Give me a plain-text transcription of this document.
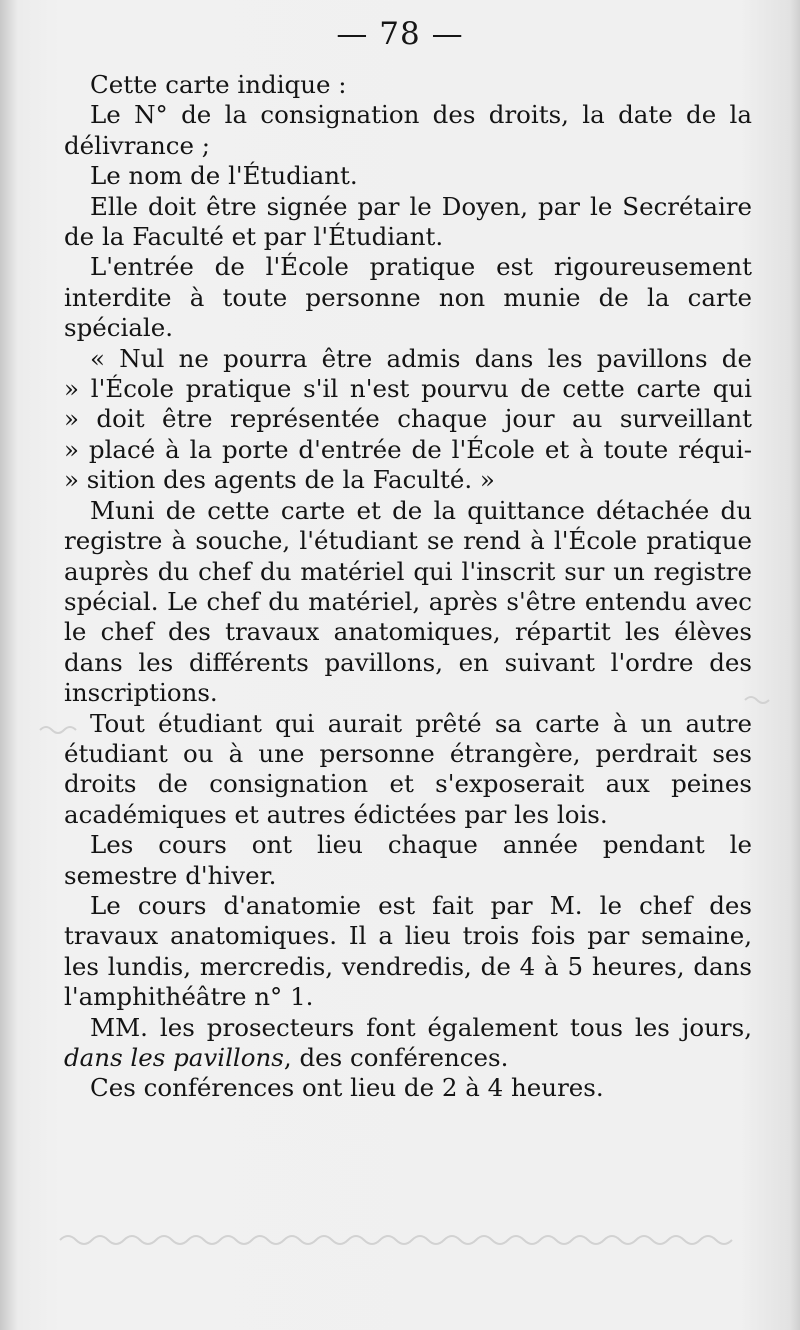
— 78 —

Cette carte indique :

Le N° de la consignation des droits, la date de la délivrance ;

Le nom de l'Étudiant.

Elle doit être signée par le Doyen, par le Secrétaire de la Faculté et par l'Étudiant.

L'entrée de l'École pratique est rigoureusement interdite à toute personne non munie de la carte spéciale.

« Nul ne pourra être admis dans les pavillons de
» l'École pratique s'il n'est pourvu de cette carte qui
» doit être représentée chaque jour au surveillant
» placé à la porte d'entrée de l'École et à toute réqui-
» sition des agents de la Faculté. »

Muni de cette carte et de la quittance détachée du registre à souche, l'étudiant se rend à l'École pratique auprès du chef du matériel qui l'inscrit sur un registre spécial. Le chef du matériel, après s'être entendu avec le chef des travaux anatomiques, répartit les élèves dans les différents pavillons, en suivant l'ordre des inscriptions.

Tout étudiant qui aurait prêté sa carte à un autre étudiant ou à une personne étrangère, perdrait ses droits de consignation et s'exposerait aux peines académiques et autres édictées par les lois.

Les cours ont lieu chaque année pendant le semestre d'hiver.

Le cours d'anatomie est fait par M. le chef des travaux anatomiques. Il a lieu trois fois par semaine, les lundis, mercredis, vendredis, de 4 à 5 heures, dans l'amphithéâtre n° 1.

MM. les prosecteurs font également tous les jours, dans les pavillons, des conférences.

Ces conférences ont lieu de 2 à 4 heures.
